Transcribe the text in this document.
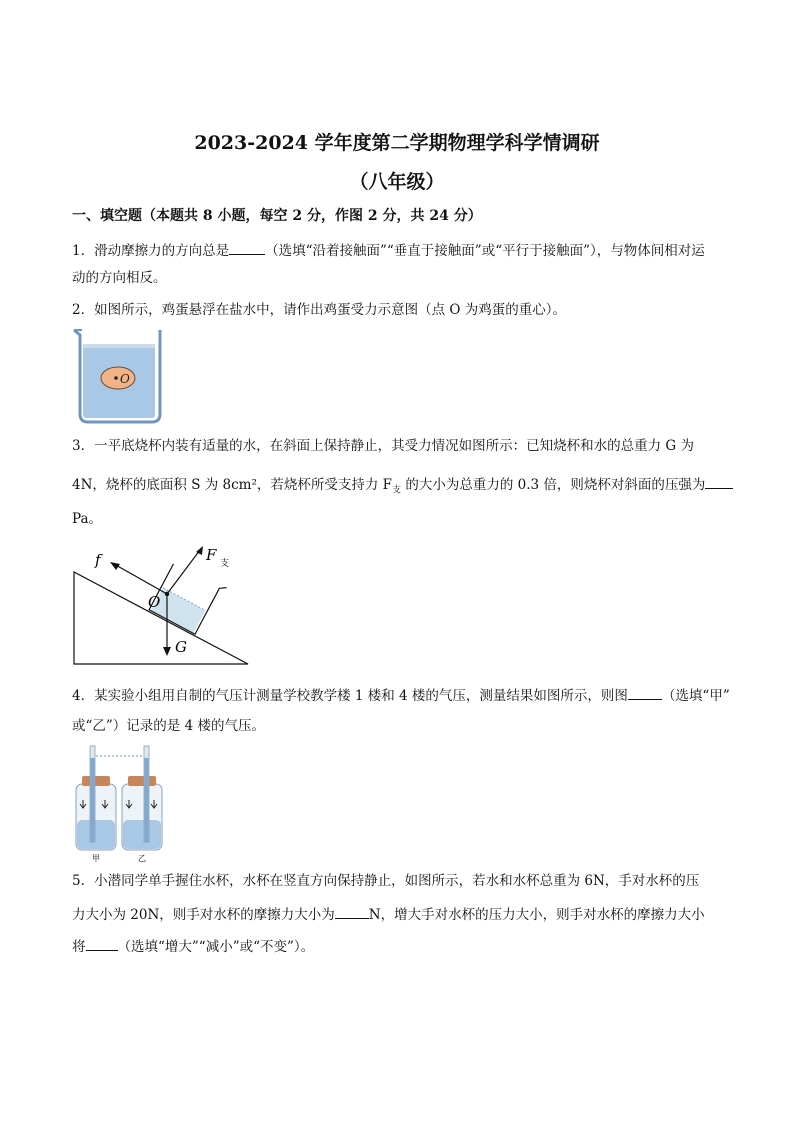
2023-2024 学年度第二学期物理学科学情调研
（八年级）
一、填空题（本题共 8 小题，每空 2 分，作图 2 分，共 24 分）
1．滑动摩擦力的方向总是	（选填“沿着接触面”“垂直于接触面”或“平行于接触面”），与物体间相对运
动的方向相反。
2．如图所示，鸡蛋悬浮在盐水中，请作出鸡蛋受力示意图（点 O 为鸡蛋的重心）。
O
3．一平底烧杯内装有适量的水，在斜面上保持静止，其受力情况如图所示：已知烧杯和水的总重力 G 为
4N，烧杯的底面积 S 为 8cm²，若烧杯所受支持力 $F_支$ 的大小为总重力的 0.3 倍，则烧杯对斜面的压强为
Pa。
f	F 支
O
G
4．某实验小组用自制的气压计测量学校教学楼 1 楼和 4 楼的气压，测量结果如图所示，则图	（选填“甲”
或“乙”）记录的是 4 楼的气压。
甲	乙
5．小潜同学单手握住水杯，水杯在竖直方向保持静止，如图所示，若水和水杯总重为 6N，手对水杯的压
力大小为 20N，则手对水杯的摩擦力大小为	N，增大手对水杯的压力大小，则手对水杯的摩擦力大小
将 （选填“增大”“减小”或“不变”）。
